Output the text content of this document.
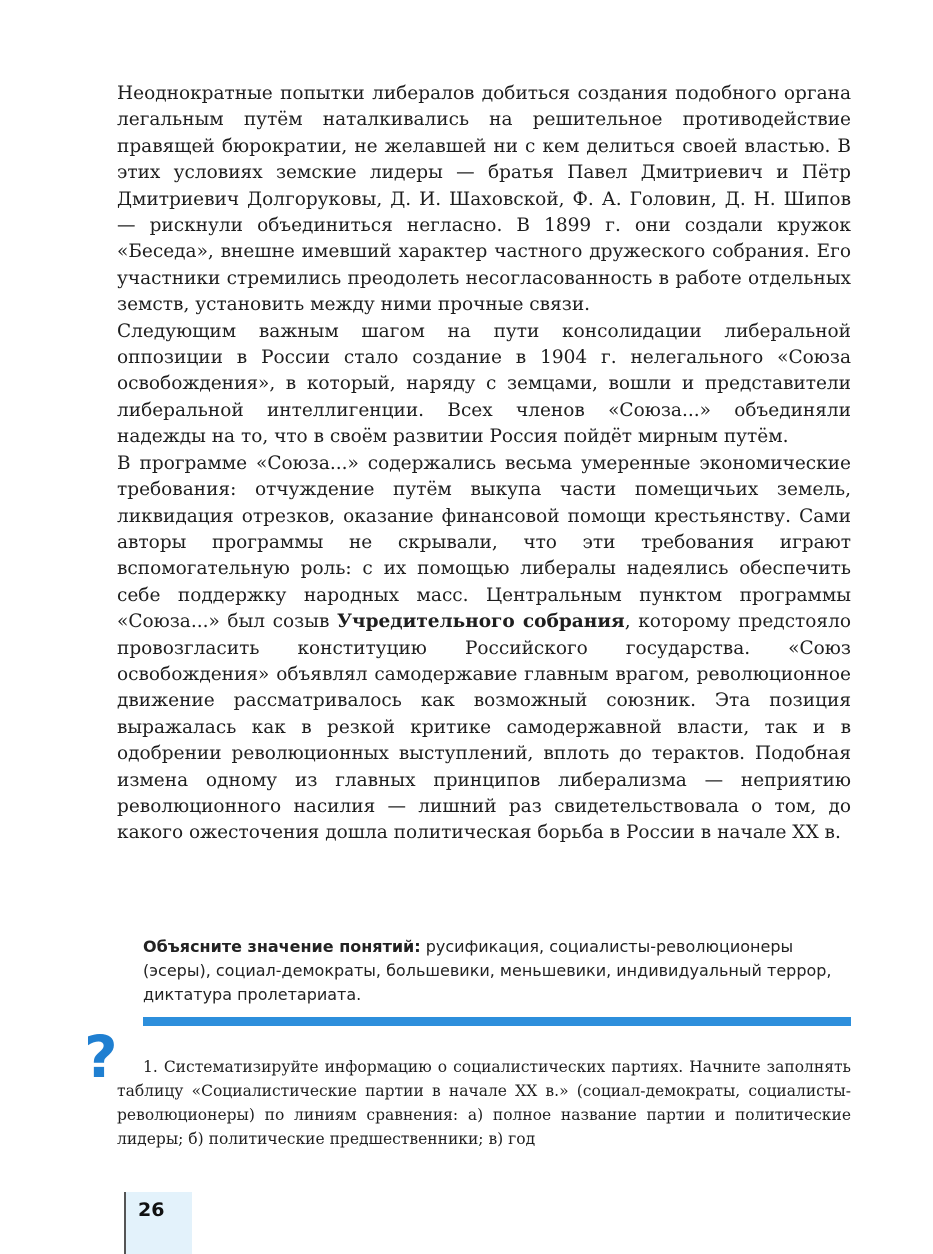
Неоднократные попытки либералов добиться создания подобного органа легальным путём наталкивались на решительное противодействие правящей бюрократии, не желавшей ни с кем делиться своей властью. В этих условиях земские лидеры — братья Павел Дмитриевич и Пётр Дмитриевич Долгоруковы, Д. И. Шаховской, Ф. А. Головин, Д. Н. Шипов — рискнули объединиться негласно. В 1899 г. они создали кружок «Беседа», внешне имевший характер частного дружеского собрания. Его участники стремились преодолеть несогласованность в работе отдельных земств, установить между ними прочные связи.

Следующим важным шагом на пути консолидации либеральной оппозиции в России стало создание в 1904 г. нелегального «Союза освобождения», в который, наряду с земцами, вошли и представители либеральной интеллигенции. Всех членов «Союза...» объединяли надежды на то, что в своём развитии Россия пойдёт мирным путём.

В программе «Союза...» содержались весьма умеренные экономические требования: отчуждение путём выкупа части помещичьих земель, ликвидация отрезков, оказание финансовой помощи крестьянству. Сами авторы программы не скрывали, что эти требования играют вспомогательную роль: с их помощью либералы надеялись обеспечить себе поддержку народных масс. Центральным пунктом программы «Союза...» был созыв Учредительного собрания, которому предстояло провозгласить конституцию Российского государства. «Союз освобождения» объявлял самодержавие главным врагом, революционное движение рассматривалось как возможный союзник. Эта позиция выражалась как в резкой критике самодержавной власти, так и в одобрении революционных выступлений, вплоть до терактов. Подобная измена одному из главных принципов либерализма — неприятию революционного насилия — лишний раз свидетельствовала о том, до какого ожесточения дошла политическая борьба в России в начале XX в.

Объясните значение понятий: русификация, социалисты-революционеры (эсеры), социал-демократы, большевики, меньшевики, индивидуальный террор, диктатура пролетариата.
?	1. Систематизируйте информацию о социалистических партиях. Начните заполнять таблицу «Социалистические партии в начале XX в.» (социал-демократы, социалисты-революционеры) по линиям сравнения: а) полное название партии и политические лидеры; б) политические предшественники; в) год

26
